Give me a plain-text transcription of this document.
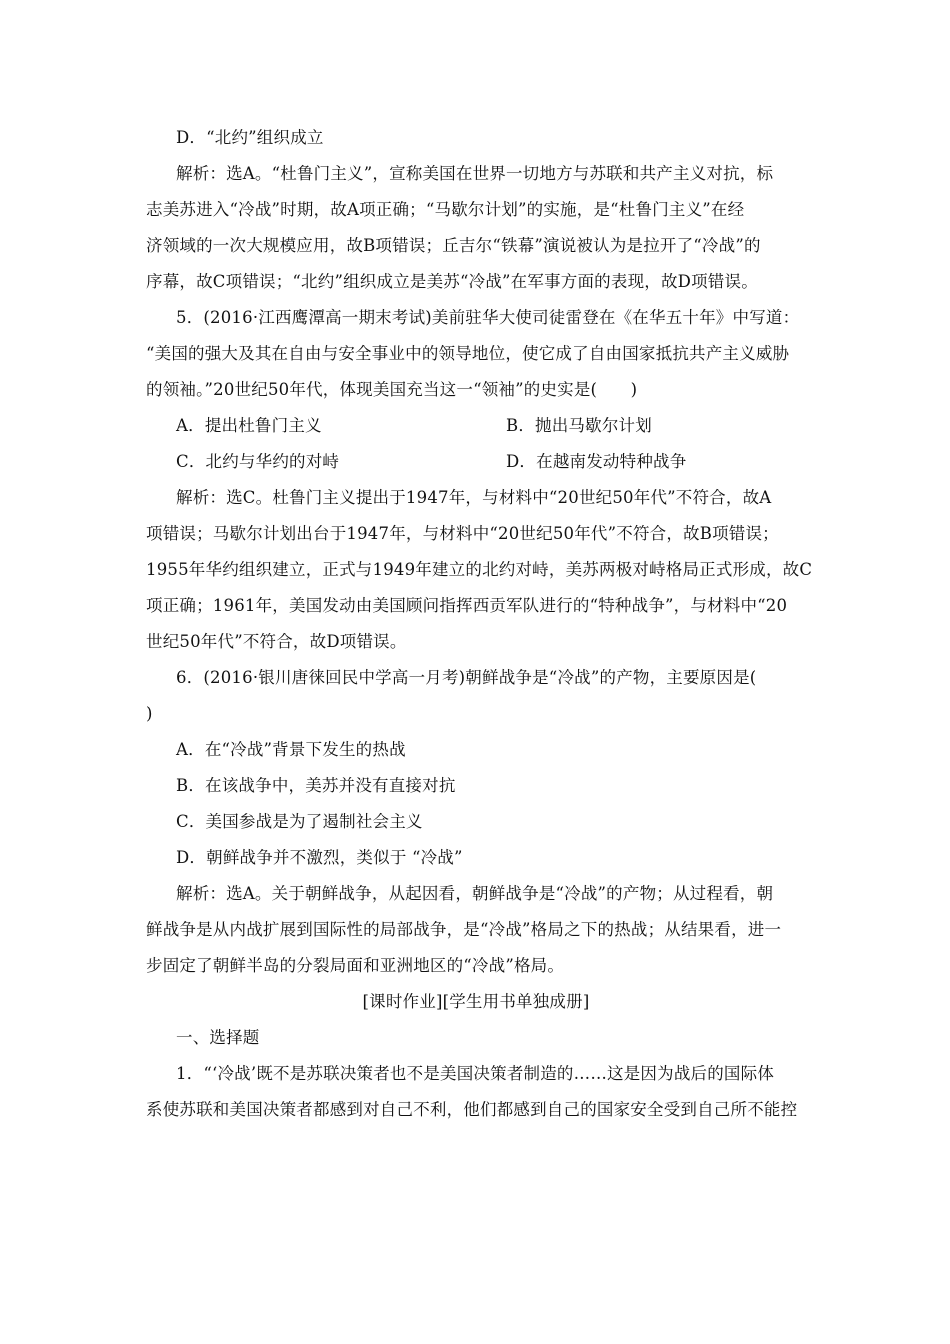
D．“北约”组织成立
解析：选A。“杜鲁门主义”，宣称美国在世界一切地方与苏联和共产主义对抗，标
志美苏进入“冷战”时期，故A项正确；“马歇尔计划”的实施，是“杜鲁门主义”在经
济领域的一次大规模应用，故B项错误；丘吉尔“铁幕”演说被认为是拉开了“冷战”的
序幕，故C项错误；“北约”组织成立是美苏“冷战”在军事方面的表现，故D项错误。
5．(2016·江西鹰潭高一期末考试)美前驻华大使司徒雷登在《在华五十年》中写道：
“美国的强大及其在自由与安全事业中的领导地位，使它成了自由国家抵抗共产主义威胁
的领袖。”20世纪50年代，体现美国充当这一“领袖”的史实是(　　)
A．提出杜鲁门主义	B．抛出马歇尔计划
C．北约与华约的对峙	D．在越南发动特种战争
解析：选C。杜鲁门主义提出于1947年，与材料中“20世纪50年代”不符合，故A
项错误；马歇尔计划出台于1947年，与材料中“20世纪50年代”不符合，故B项错误；
1955年华约组织建立，正式与1949年建立的北约对峙，美苏两极对峙格局正式形成，故C
项正确；1961年，美国发动由美国顾问指挥西贡军队进行的“特种战争”，与材料中“20
世纪50年代”不符合，故D项错误。
6．(2016·银川唐徕回民中学高一月考)朝鲜战争是“冷战”的产物，主要原因是(
)
A．在“冷战”背景下发生的热战
B．在该战争中，美苏并没有直接对抗
C．美国参战是为了遏制社会主义
D．朝鲜战争并不激烈，类似于 “冷战”
解析：选A。关于朝鲜战争，从起因看，朝鲜战争是“冷战”的产物；从过程看，朝
鲜战争是从内战扩展到国际性的局部战争，是“冷战”格局之下的热战；从结果看，进一
步固定了朝鲜半岛的分裂局面和亚洲地区的“冷战”格局。
[课时作业][学生用书单独成册]
一、选择题
1．“‘冷战’既不是苏联决策者也不是美国决策者制造的……这是因为战后的国际体
系使苏联和美国决策者都感到对自己不利，他们都感到自己的国家安全受到自己所不能控
